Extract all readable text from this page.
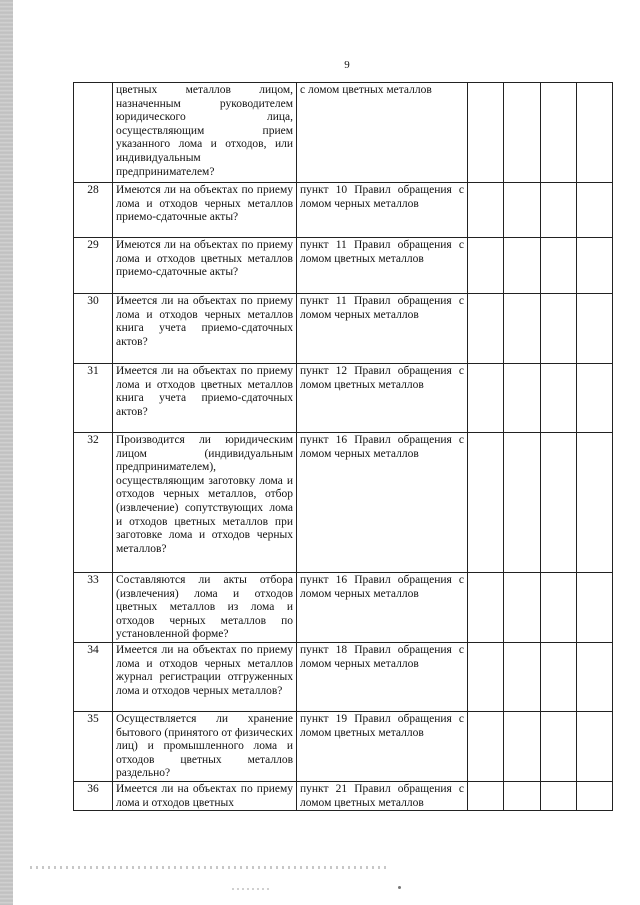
9
	цветных металлов лицом, назначенным руководителем юридического лица, осуществляющим прием указанного лома и отходов, или индивидуальным предпринимателем?	с ломом цветных металлов				
28	Имеются ли на объектах по приему лома и отходов черных металлов приемо-сдаточные акты?	пункт 10 Правил обращения с ломом черных металлов				
29	Имеются ли на объектах по приему лома и отходов цветных металлов приемо-сдаточные акты?	пункт 11 Правил обращения с ломом цветных металлов				
30	Имеется ли на объектах по приему лома и отходов черных металлов книга учета приемо-сдаточных актов?	пункт 11 Правил обращения с ломом черных металлов				
31	Имеется ли на объектах по приему лома и отходов цветных металлов книга учета приемо-сдаточных актов?	пункт 12 Правил обращения с ломом цветных металлов				
32	Производится ли юридическим лицом (индивидуальным предпринимателем), осуществляющим заготовку лома и отходов черных металлов, отбор (извлечение) сопутствующих лома и отходов цветных металлов при заготовке лома и отходов черных металлов?	пункт 16 Правил обращения с ломом черных металлов				
33	Составляются ли акты отбора (извлечения) лома и отходов цветных металлов из лома и отходов черных металлов по установленной форме?	пункт 16 Правил обращения с ломом черных металлов				
34	Имеется ли на объектах по приему лома и отходов черных металлов журнал регистрации отгруженных лома и отходов черных металлов?	пункт 18 Правил обращения с ломом черных металлов				
35	Осуществляется ли хранение бытового (принятого от физических лиц) и промышленного лома и отходов цветных металлов раздельно?	пункт 19 Правил обращения с ломом цветных металлов				
36	Имеется ли на объектах по приему лома и отходов цветных	пункт 21 Правил обращения с ломом цветных металлов				
